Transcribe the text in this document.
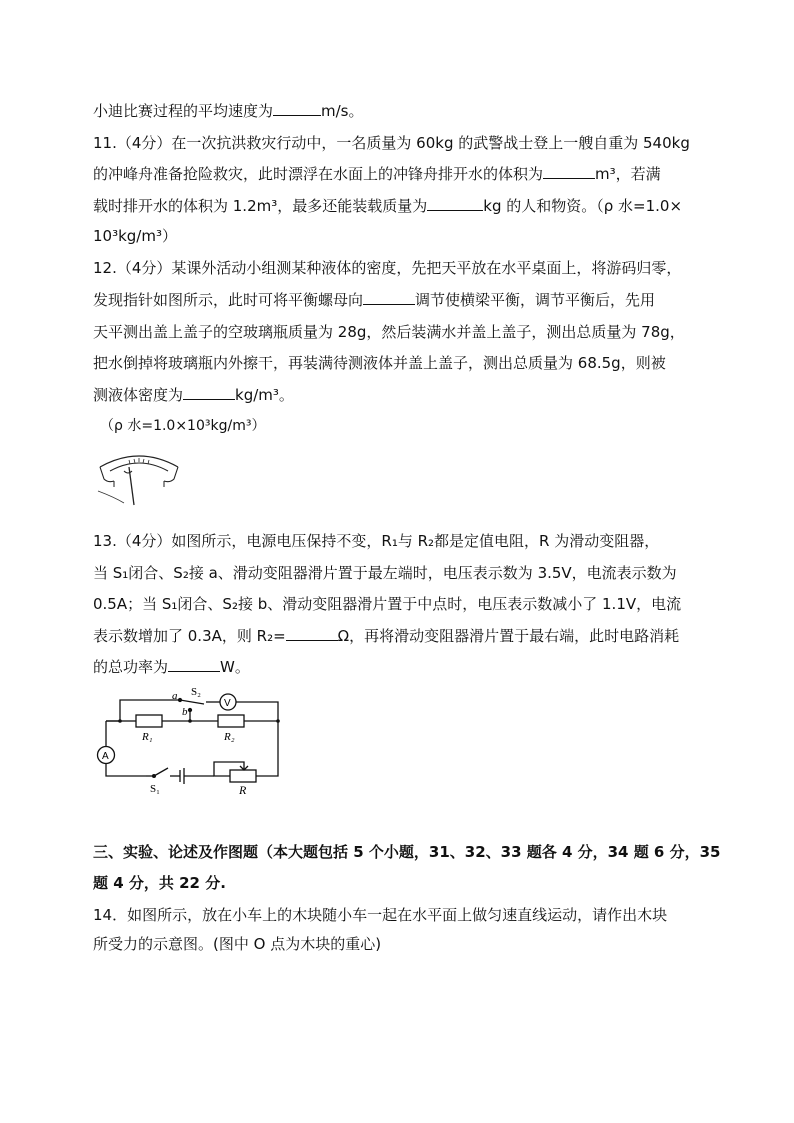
小迪比赛过程的平均速度为	m/s。
11.（4分）在一次抗洪救灾行动中，一名质量为 60kg 的武警战士登上一艘自重为 540kg
的冲峰舟准备抢险救灾，此时漂浮在水面上的冲锋舟排开水的体积为	m³，若满
载时排开水的体积为 1.2m³，最多还能装载质量为	kg 的人和物资。（ρ 水=1.0×
10³kg/m³）
12.（4分）某课外活动小组测某种液体的密度，先把天平放在水平桌面上，将游码归零，
发现指针如图所示，此时可将平衡螺母向	调节使横梁平衡，调节平衡后，先用
天平测出盖上盖子的空玻璃瓶质量为 28g，然后装满水并盖上盖子，测出总质量为 78g，
把水倒掉将玻璃瓶内外擦干，再装满待测液体并盖上盖子，测出总质量为 68.5g，则被
测液体密度为	kg/m³。
（ρ 水=1.0×10³kg/m³）
13.（4分）如图所示，电源电压保持不变，R₁与 R₂都是定值电阻，R 为滑动变阻器，
当 S₁闭合、S₂接 a、滑动变阻器滑片置于最左端时，电压表示数为 3.5V，电流表示数为
0.5A；当 S₁闭合、S₂接 b、滑动变阻器滑片置于中点时，电压表示数减小了 1.1V，电流
表示数增加了 0.3A，则 R₂=	Ω，再将滑动变阻器滑片置于最右端，此时电路消耗
的总功率为	W。
a S₂
V
b
R₁	R₂
A
S₁	R
三、实验、论述及作图题（本大题包括 5 个小题，31、32、33 题各 4 分，34 题 6 分，35
题 4 分，共 22 分.
14．如图所示，放在小车上的木块随小车一起在水平面上做匀速直线运动，请作出木块
所受力的示意图。(图中 O 点为木块的重心)
